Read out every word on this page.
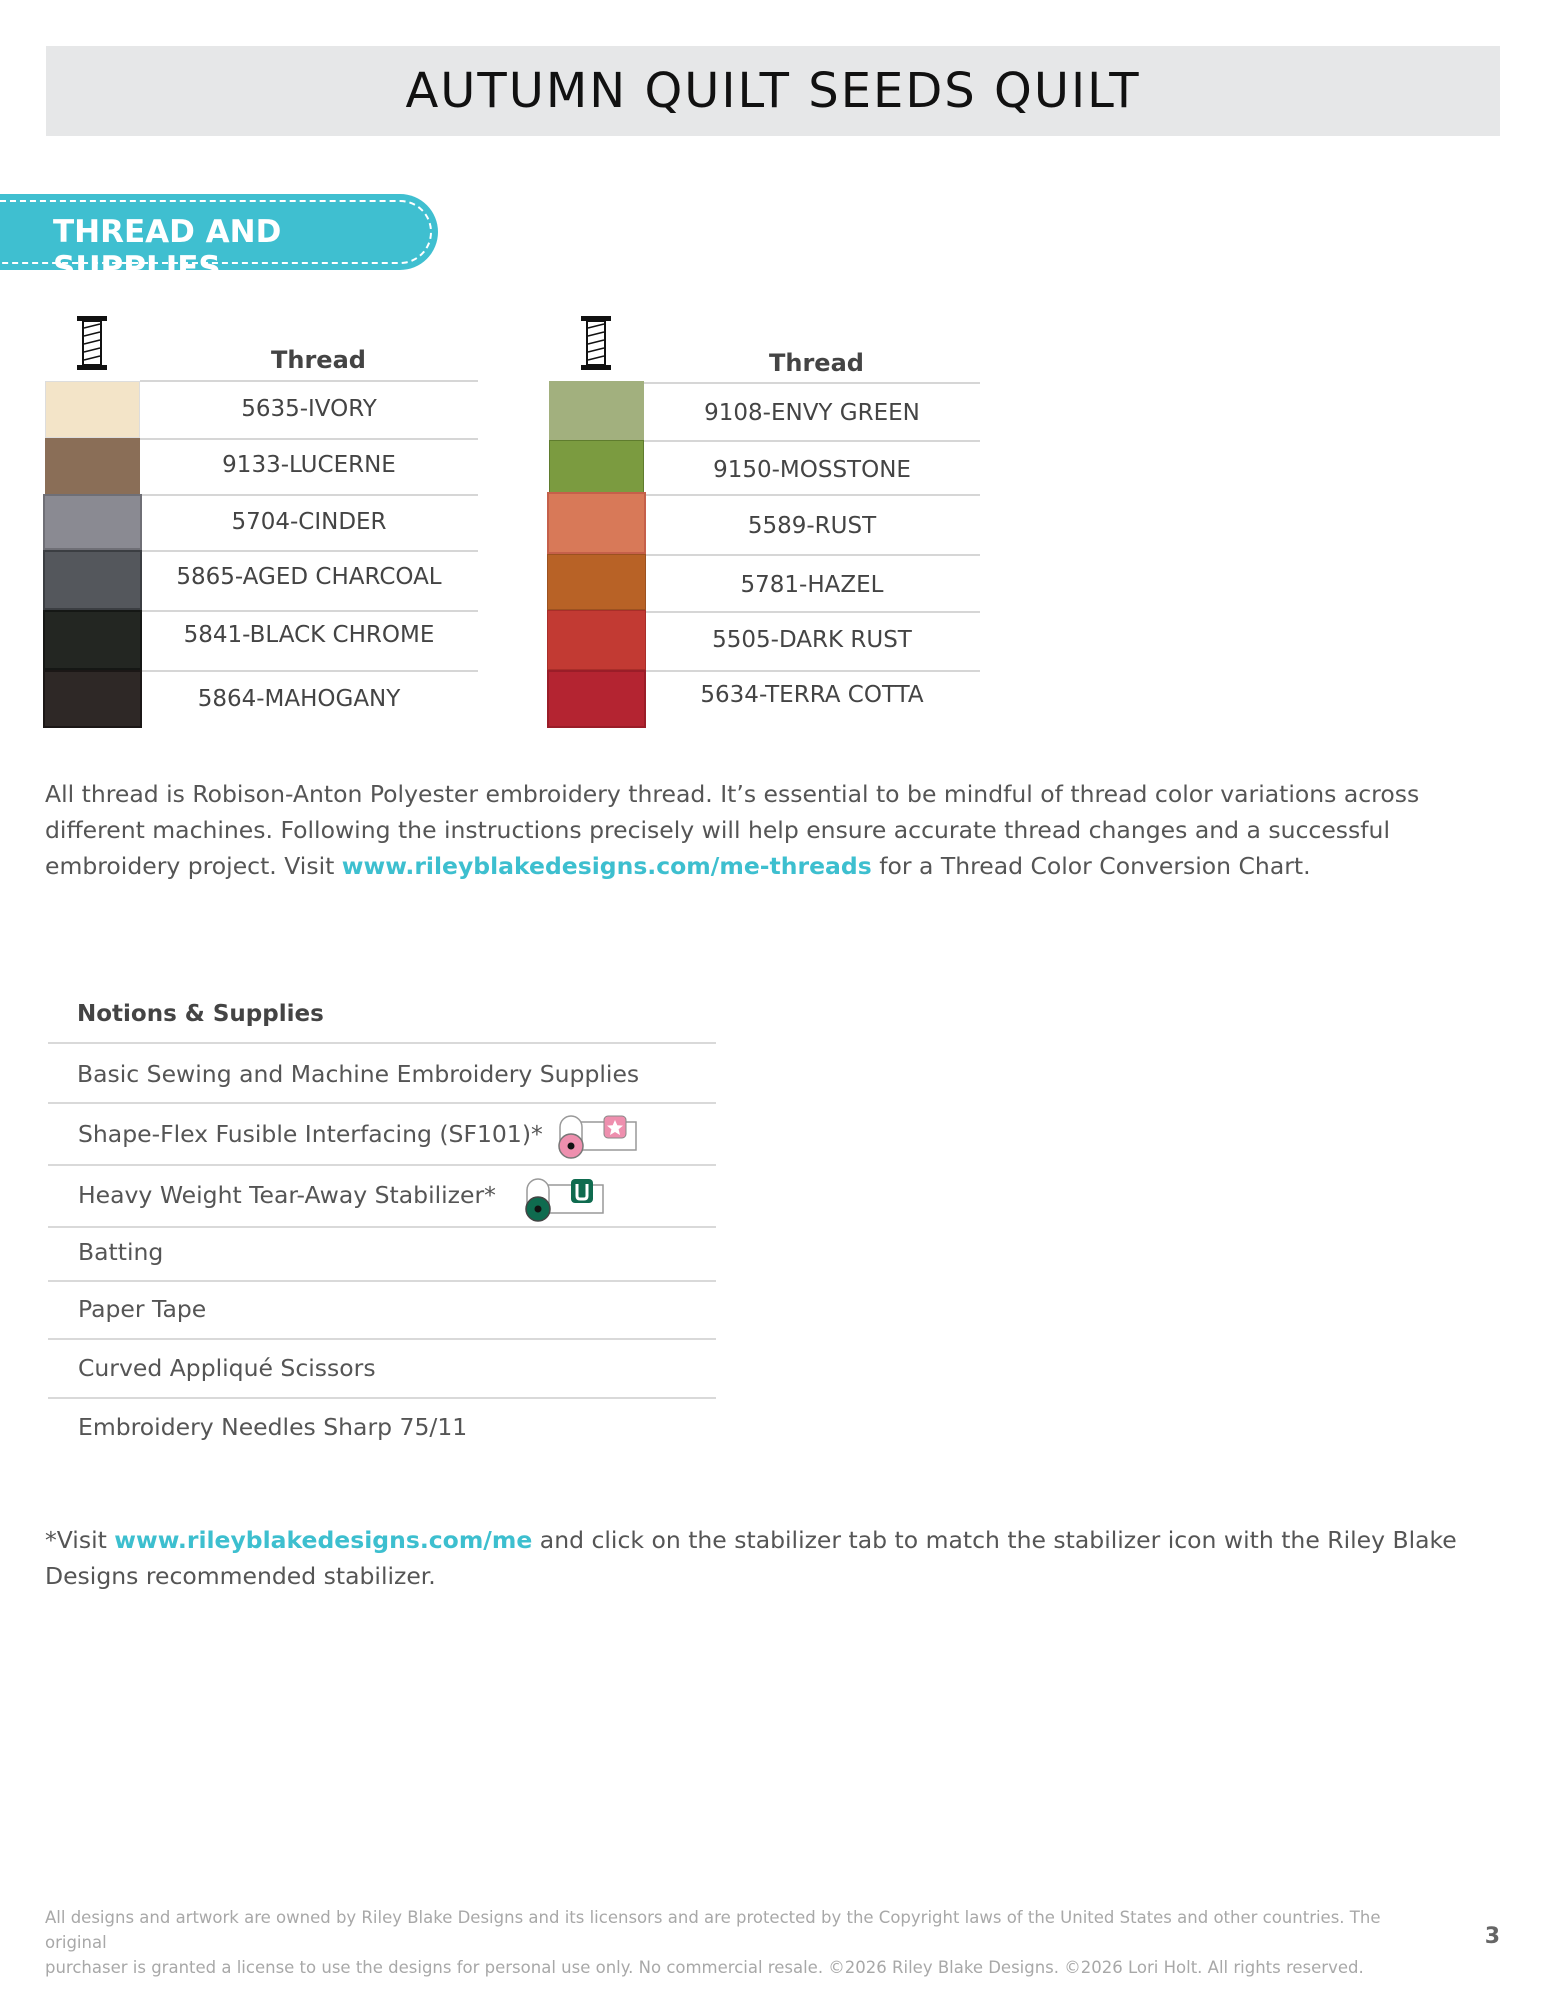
AUTUMN QUILT SEEDS QUILT
THREAD AND SUPPLIES
Thread
5635-IVORY
9133-LUCERNE
5704-CINDER
5865-AGED CHARCOAL
5841-BLACK CHROME
5864-MAHOGANY
Thread
9108-ENVY GREEN
9150-MOSSTONE
5589-RUST
5781-HAZEL
5505-DARK RUST
5634-TERRA COTTA

All thread is Robison-Anton Polyester embroidery thread. It’s essential to be mindful of thread color variations across different machines. Following the instructions precisely will help ensure accurate thread changes and a successful embroidery project. Visit www.rileyblakedesigns.com/me-threads for a Thread Color Conversion Chart.

Notions & Supplies
Basic Sewing and Machine Embroidery Supplies
Shape-Flex Fusible Interfacing (SF101)*
Heavy Weight Tear-Away Stabilizer*
Batting
Paper Tape
Curved Appliqué Scissors
Embroidery Needles Sharp 75/11

*Visit www.rileyblakedesigns.com/me and click on the stabilizer tab to match the stabilizer icon with the Riley Blake Designs recommended stabilizer.

All designs and artwork are owned by Riley Blake Designs and its licensors and are protected by the Copyright laws of the United States and other countries. The original
purchaser is granted a license to use the designs for personal use only. No commercial resale. ©2026 Riley Blake Designs. ©2026 Lori Holt. All rights reserved.
3
